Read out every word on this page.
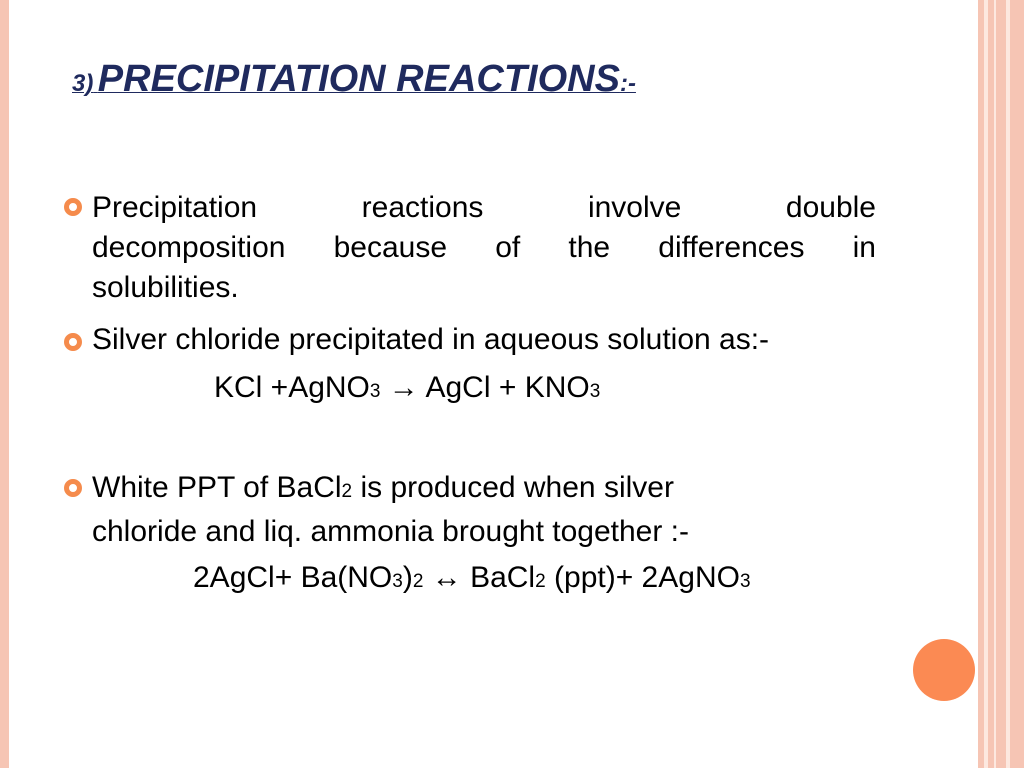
3) PRECIPITATION REACTIONS:-
Precipitation	reactions	involve	double
decomposition because of the differences in
solubilities.
Silver chloride precipitated in aqueous solution as:-
KCl +AgNO3 → AgCl + KNO3
White PPT of BaCl2 is produced when silver
chloride and liq. ammonia brought together :-
2AgCl+ Ba(NO3)2 ↔ BaCl2 (ppt)+ 2AgNO3
